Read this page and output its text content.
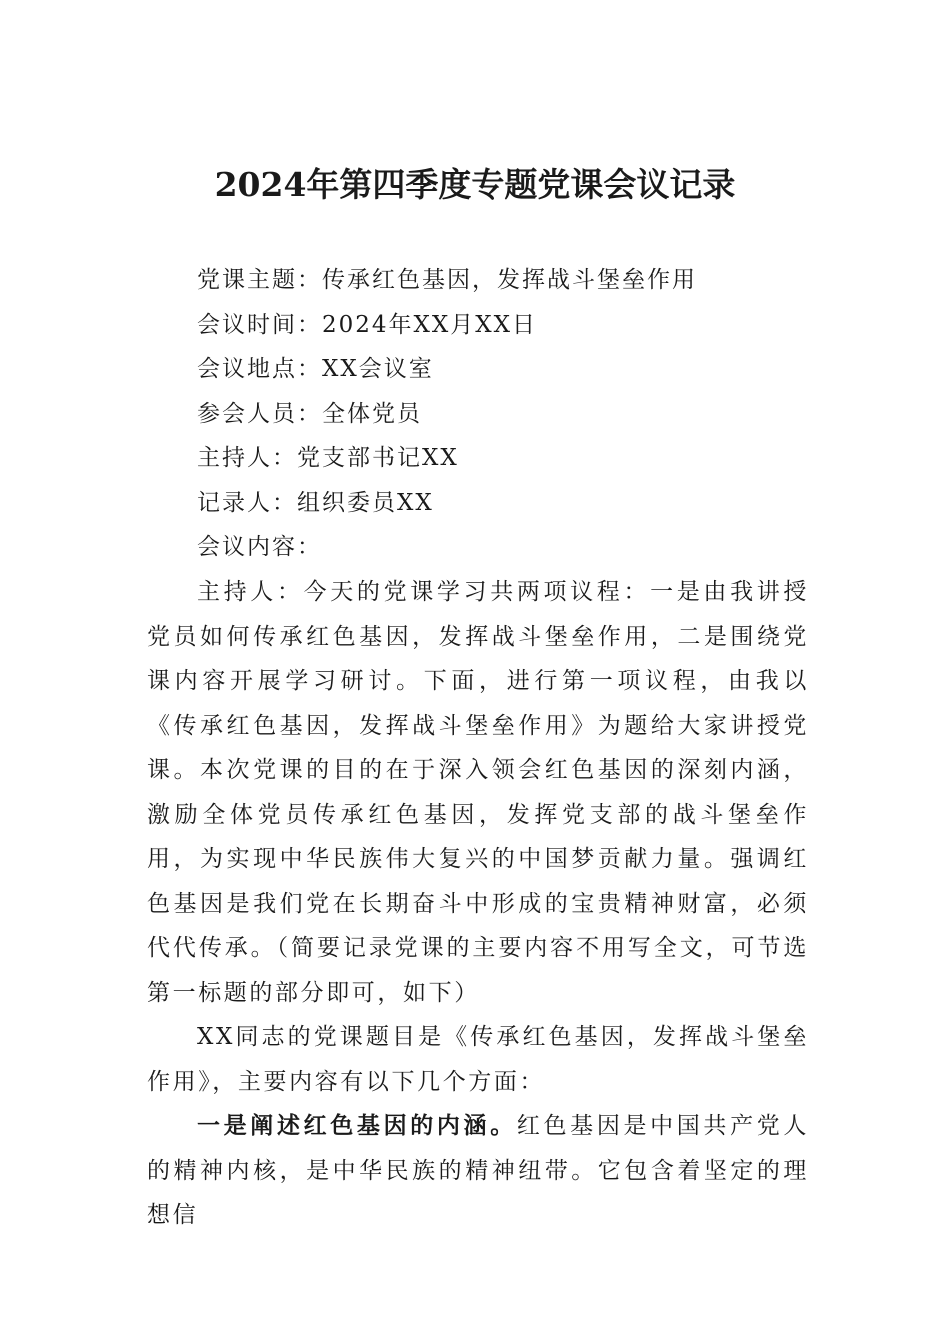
2024年第四季度专题党课会议记录
党课主题：传承红色基因，发挥战斗堡垒作用
会议时间：2024年XX月XX日
会议地点：XX会议室
参会人员：全体党员
主持人：党支部书记XX
记录人：组织委员XX
会议内容：

主持人：今天的党课学习共两项议程：一是由我讲授党员如何传承红色基因，发挥战斗堡垒作用，二是围绕党课内容开展学习研讨。下面，进行第一项议程，由我以《传承红色基因，发挥战斗堡垒作用》为题给大家讲授党课。本次党课的目的在于深入领会红色基因的深刻内涵，激励全体党员传承红色基因，发挥党支部的战斗堡垒作用，为实现中华民族伟大复兴的中国梦贡献力量。强调红色基因是我们党在长期奋斗中形成的宝贵精神财富，必须代代传承。（简要记录党课的主要内容不用写全文，可节选第一标题的部分即可，如下）

XX同志的党课题目是《传承红色基因，发挥战斗堡垒作用》，主要内容有以下几个方面：

一是阐述红色基因的内涵。红色基因是中国共产党人的精神内核，是中华民族的精神纽带。它包含着坚定的理想信
